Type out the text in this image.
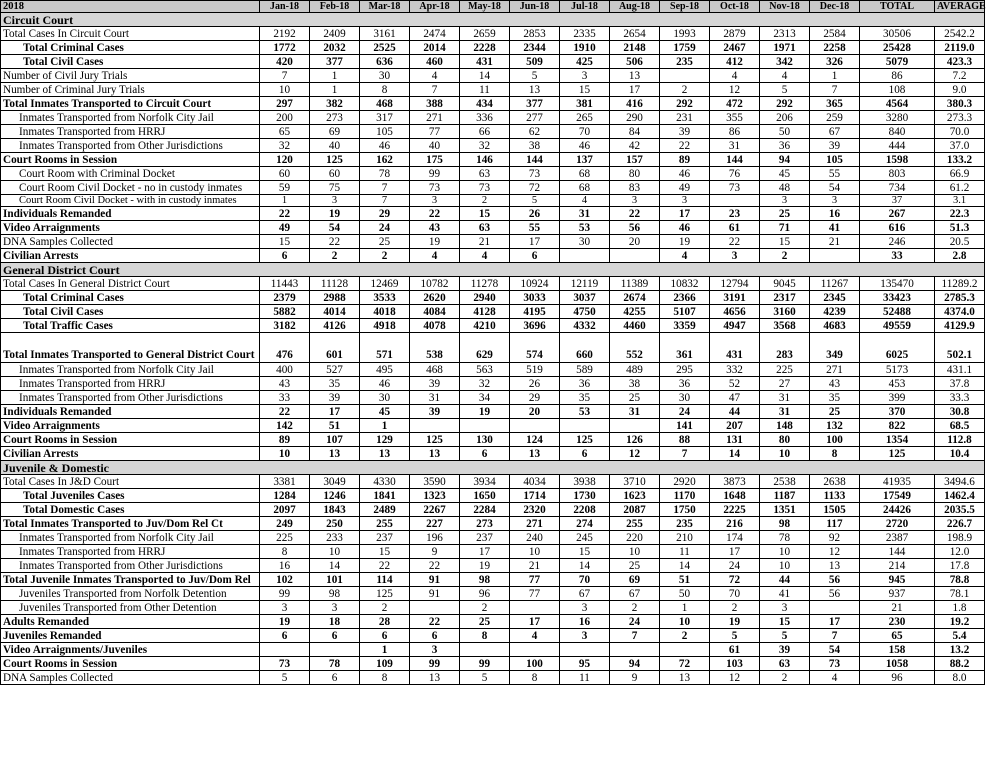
2018	Jan-18	Feb-18	Mar-18	Apr-18	May-18	Jun-18	Jul-18	Aug-18	Sep-18	Oct-18	Nov-18	Dec-18	TOTAL	AVERAGE
Circuit Court														
Total Cases In Circuit Court	2192	2409	3161	2474	2659	2853	2335	2654	1993	2879	2313	2584	30506	2542.2
Total Criminal Cases	1772	2032	2525	2014	2228	2344	1910	2148	1759	2467	1971	2258	25428	2119.0
Total Civil Cases	420	377	636	460	431	509	425	506	235	412	342	326	5079	423.3
Number of Civil Jury Trials	7	1	30	4	14	5	3	13		4	4	1	86	7.2
Number of Criminal Jury Trials	10	1	8	7	11	13	15	17	2	12	5	7	108	9.0
Total Inmates Transported to Circuit Court	297	382	468	388	434	377	381	416	292	472	292	365	4564	380.3
Inmates Transported from Norfolk City Jail	200	273	317	271	336	277	265	290	231	355	206	259	3280	273.3
Inmates Transported from HRRJ	65	69	105	77	66	62	70	84	39	86	50	67	840	70.0
Inmates Transported from Other Jurisdictions	32	40	46	40	32	38	46	42	22	31	36	39	444	37.0
Court Rooms in Session	120	125	162	175	146	144	137	157	89	144	94	105	1598	133.2
Court Room with Criminal Docket	60	60	78	99	63	73	68	80	46	76	45	55	803	66.9
Court Room Civil Docket - no in custody inmates	59	75	7	73	73	72	68	83	49	73	48	54	734	61.2
Court Room Civil Docket - with in custody inmates	1	3	7	3	2	5	4	3	3		3	3	37	3.1
Individuals Remanded	22	19	29	22	15	26	31	22	17	23	25	16	267	22.3
Video Arraignments	49	54	24	43	63	55	53	56	46	61	71	41	616	51.3
DNA Samples Collected	15	22	25	19	21	17	30	20	19	22	15	21	246	20.5
Civilian Arrests	6	2	2	4	4	6			4	3	2		33	2.8
General District Court														
Total Cases In General District Court	11443	11128	12469	10782	11278	10924	12119	11389	10832	12794	9045	11267	135470	11289.2
Total Criminal Cases	2379	2988	3533	2620	2940	3033	3037	2674	2366	3191	2317	2345	33423	2785.3
Total Civil Cases	5882	4014	4018	4084	4128	4195	4750	4255	5107	4656	3160	4239	52488	4374.0
Total Traffic Cases	3182	4126	4918	4078	4210	3696	4332	4460	3359	4947	3568	4683	49559	4129.9

Total Inmates Transported to General District Court	476	601	571	538	629	574	660	552	361	431	283	349	6025	502.1
Inmates Transported from Norfolk City Jail	400	527	495	468	563	519	589	489	295	332	225	271	5173	431.1
Inmates Transported from HRRJ	43	35	46	39	32	26	36	38	36	52	27	43	453	37.8
Inmates Transported from Other Jurisdictions	33	39	30	31	34	29	35	25	30	47	31	35	399	33.3
Individuals Remanded	22	17	45	39	19	20	53	31	24	44	31	25	370	30.8
Video Arraignments	142	51	1						141	207	148	132	822	68.5
Court Rooms in Session	89	107	129	125	130	124	125	126	88	131	80	100	1354	112.8
Civilian Arrests	10	13	13	13	6	13	6	12	7	14	10	8	125	10.4
Juvenile & Domestic														
Total Cases In J&D Court	3381	3049	4330	3590	3934	4034	3938	3710	2920	3873	2538	2638	41935	3494.6
Total Juveniles Cases	1284	1246	1841	1323	1650	1714	1730	1623	1170	1648	1187	1133	17549	1462.4
Total Domestic Cases	2097	1843	2489	2267	2284	2320	2208	2087	1750	2225	1351	1505	24426	2035.5
Total Inmates Transported to Juv/Dom Rel Ct	249	250	255	227	273	271	274	255	235	216	98	117	2720	226.7
Inmates Transported from Norfolk City Jail	225	233	237	196	237	240	245	220	210	174	78	92	2387	198.9
Inmates Transported from HRRJ	8	10	15	9	17	10	15	10	11	17	10	12	144	12.0
Inmates Transported from Other Jurisdictions	16	14	22	22	19	21	14	25	14	24	10	13	214	17.8
Total Juvenile Inmates Transported to Juv/Dom Rel	102	101	114	91	98	77	70	69	51	72	44	56	945	78.8
Juveniles Transported from Norfolk Detention	99	98	125	91	96	77	67	67	50	70	41	56	937	78.1
Juveniles Transported from Other Detention	3	3	2		2		3	2	1	2	3		21	1.8
Adults Remanded	19	18	28	22	25	17	16	24	10	19	15	17	230	19.2
Juveniles Remanded	6	6	6	6	8	4	3	7	2	5	5	7	65	5.4
Video Arraignments/Juveniles			1	3						61	39	54	158	13.2
Court Rooms in Session	73	78	109	99	99	100	95	94	72	103	63	73	1058	88.2
DNA Samples Collected	5	6	8	13	5	8	11	9	13	12	2	4	96	8.0
